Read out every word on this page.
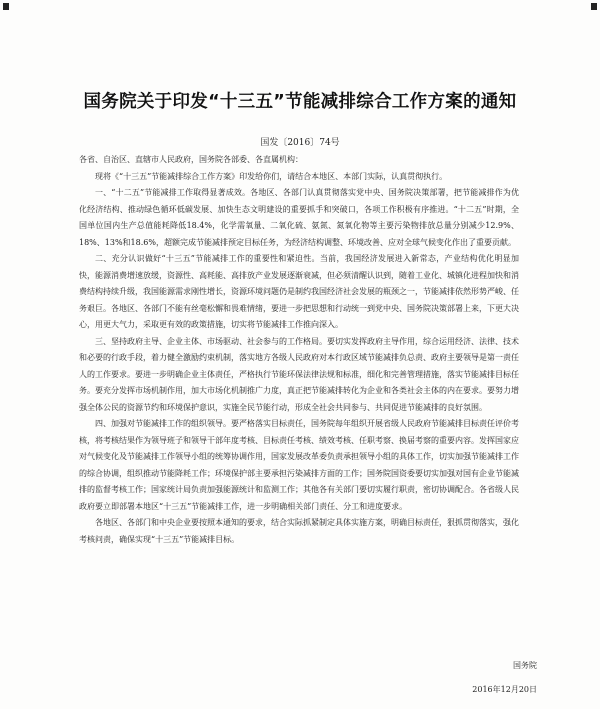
国务院关于印发“十三五”节能减排综合工作方案的通知
国发〔2016〕74号

各省、自治区、直辖市人民政府，国务院各部委、各直属机构：

现将《“十三五”节能减排综合工作方案》印发给你们，请结合本地区、本部门实际，认真贯彻执行。

一、“十二五”节能减排工作取得显著成效。各地区、各部门认真贯彻落实党中央、国务院决策部署，把节能减排作为优化经济结构、推动绿色循环低碳发展、加快生态文明建设的重要抓手和突破口，各项工作积极有序推进。“十二五”时期，全国单位国内生产总值能耗降低18.4%，化学需氧量、二氧化硫、氨氮、氮氧化物等主要污染物排放总量分别减少12.9%、18%、13%和18.6%，超额完成节能减排预定目标任务，为经济结构调整、环境改善、应对全球气候变化作出了重要贡献。

二、充分认识做好“十三五”节能减排工作的重要性和紧迫性。当前，我国经济发展进入新常态，产业结构优化明显加快，能源消费增速放缓，资源性、高耗能、高排放产业发展逐渐衰减，但必须清醒认识到，随着工业化、城镇化进程加快和消费结构持续升级，我国能源需求刚性增长，资源环境问题仍是制约我国经济社会发展的瓶颈之一，节能减排依然形势严峻、任务艰巨。各地区、各部门不能有丝毫松懈和畏难情绪，要进一步把思想和行动统一到党中央、国务院决策部署上来，下更大决心，用更大气力，采取更有效的政策措施，切实将节能减排工作推向深入。

三、坚持政府主导、企业主体、市场驱动、社会参与的工作格局。要切实发挥政府主导作用，综合运用经济、法律、技术和必要的行政手段，着力健全激励约束机制，落实地方各级人民政府对本行政区域节能减排负总责、政府主要领导是第一责任人的工作要求。要进一步明确企业主体责任，严格执行节能环保法律法规和标准，细化和完善管理措施，落实节能减排目标任务。要充分发挥市场机制作用，加大市场化机制推广力度，真正把节能减排转化为企业和各类社会主体的内在要求。要努力增强全体公民的资源节约和环境保护意识，实施全民节能行动，形成全社会共同参与、共同促进节能减排的良好氛围。

四、加强对节能减排工作的组织领导。要严格落实目标责任，国务院每年组织开展省级人民政府节能减排目标责任评价考核，将考核结果作为领导班子和领导干部年度考核、目标责任考核、绩效考核、任职考察、换届考察的重要内容。发挥国家应对气候变化及节能减排工作领导小组的统筹协调作用，国家发展改革委负责承担领导小组的具体工作，切实加强节能减排工作的综合协调，组织推动节能降耗工作；环境保护部主要承担污染减排方面的工作；国务院国资委要切实加强对国有企业节能减排的监督考核工作；国家统计局负责加强能源统计和监测工作；其他各有关部门要切实履行职责，密切协调配合。各省级人民政府要立即部署本地区“十三五”节能减排工作，进一步明确相关部门责任、分工和进度要求。

各地区、各部门和中央企业要按照本通知的要求，结合实际抓紧制定具体实施方案，明确目标责任，狠抓贯彻落实，强化考核问责，确保实现“十三五”节能减排目标。

国务院
2016年12月20日
